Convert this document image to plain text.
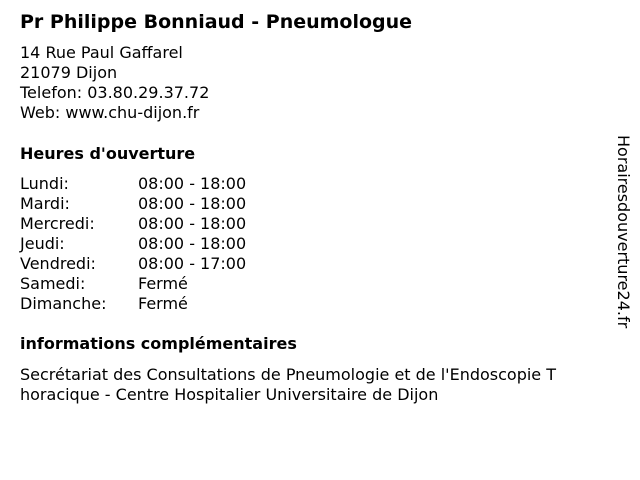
Pr Philippe Bonniaud - Pneumologue
14 Rue Paul Gaffarel
21079 Dijon
Telefon: 03.80.29.37.72
Web: www.chu-dijon.fr
Heures d'ouverture
Lundi:	08:00 - 18:00
Mardi:	08:00 - 18:00
Mercredi:	08:00 - 18:00
Jeudi:	08:00 - 18:00
Vendredi:	08:00 - 17:00
Samedi:	Fermé
Dimanche: Fermé
informations complémentaires
Secrétariat des Consultations de Pneumologie et de l'Endoscopie T
horacique - Centre Hospitalier Universitaire de Dijon
Horairesdouverture24.fr
